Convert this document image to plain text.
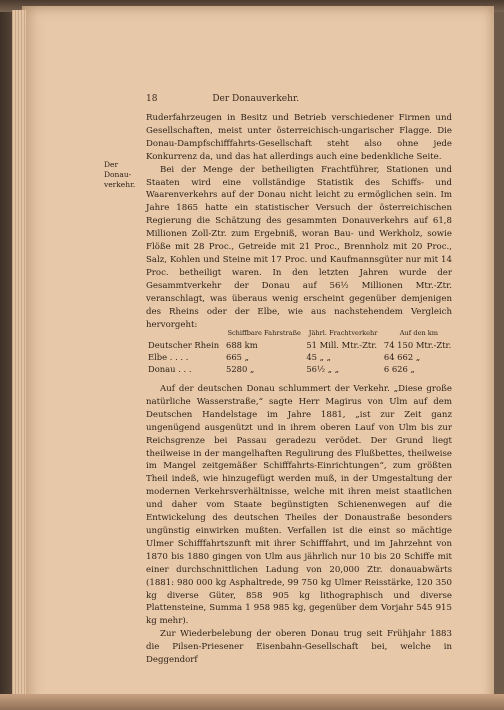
18	Der Donauverkehr.
Der Donauverkehr.

Ruderfahrzeugen in Besitz und Betrieb verschiedener Firmen und Gesellschaften, meist unter österreichisch-ungarischer Flagge. Die Donau-Dampfschifffahrts-Gesellschaft steht also ohne jede Konkurrenz da, und das hat allerdings auch eine bedenkliche Seite.

Bei der Menge der betheiligten Frachtführer, Stationen und Staaten wird eine vollständige Statistik des Schiffs- und Waarenverkehrs auf der Donau nicht leicht zu ermöglichen sein. Im Jahre 1865 hatte ein statistischer Versuch der österreichischen Regierung die Schätzung des gesammten Donauverkehrs auf 61,8 Millionen Zoll-Ztr. zum Ergebniß, woran Bau- und Werkholz, sowie Flöße mit 28 Proc., Getreide mit 21 Proc., Brennholz mit 20 Proc., Salz, Kohlen und Steine mit 17 Proc. und Kaufmannsgüter nur mit 14 Proc. betheiligt waren. In den letzten Jahren wurde der Gesammtverkehr der Donau auf 56½ Millionen Mtr.-Ztr. veranschlagt, was überaus wenig erscheint gegenüber demjenigen des Rheins oder der Elbe, wie aus nachstehendem Vergleich hervorgeht:

	Schiffbare Fahrstraße	Jährl. Frachtverkehr	Auf den km
Deutscher Rhein	688 km	51 Mill. Mtr.-Ztr.	74 150 Mtr.-Ztr.
Elbe . . . .	665 „	45 „ „	64 662 „
Donau . . .	5280 „	56½ „ „	6 626 „

Auf der deutschen Donau schlummert der Verkehr. „Diese große natürliche Wasserstraße,“ sagte Herr Magirus von Ulm auf dem Deutschen Handelstage im Jahre 1881, „ist zur Zeit ganz ungenügend ausgenützt und in ihrem oberen Lauf von Ulm bis zur Reichsgrenze bei Passau geradezu verödet. Der Grund liegt theilweise in der mangelhaften Regulirung des Flußbettes, theilweise im Mangel zeitgemäßer Schifffahrts-Einrichtungen“, zum größten Theil indeß, wie hinzugefügt werden muß, in der Umgestaltung der modernen Verkehrsverhältnisse, welche mit ihren meist staatlichen und daher vom Staate begünstigten Schienenwegen auf die Entwickelung des deutschen Theiles der Donaustraße besonders ungünstig einwirken mußten. Verfallen ist die einst so mächtige Ulmer Schifffahrtszunft mit ihrer Schifffahrt, und im Jahrzehnt von 1870 bis 1880 gingen von Ulm aus jährlich nur 10 bis 20 Schiffe mit einer durchschnittlichen Ladung von 20,000 Ztr. donauabwärts (1881: 980 000 kg Asphaltrede, 99 750 kg Ulmer Reisstärke, 120 350 kg diverse Güter, 858 905 kg lithographisch und diverse Plattensteine, Summa 1 958 985 kg, gegenüber dem Vorjahr 545 915 kg mehr).

Zur Wiederbelebung der oberen Donau trug seit Frühjahr 1883 die Pilsen-Priesener Eisenbahn-Gesellschaft bei, welche in Deggendorf
